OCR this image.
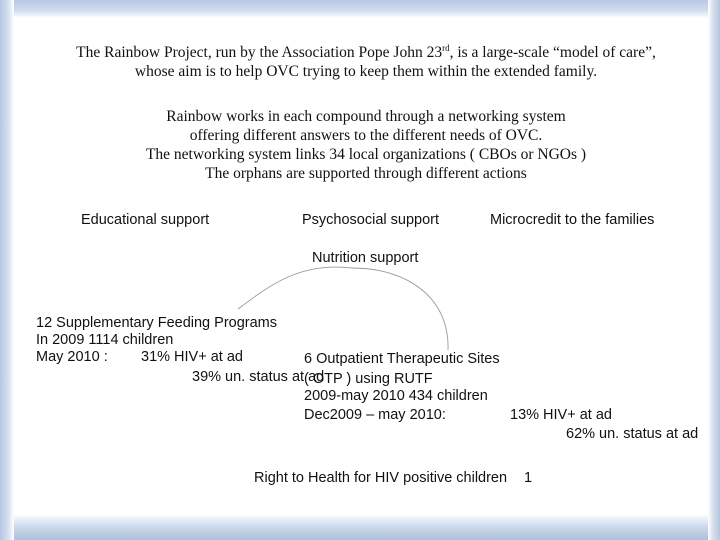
The Rainbow Project, run by the Association Pope John 23rd, is a large-scale “model of care”,
whose aim is to help OVC trying to keep them within the extended family.
Rainbow works in each compound through a networking system
offering different answers to the different needs of OVC.
The networking system links 34 local organizations ( CBOs or NGOs )
The orphans are supported through different actions
Educational support	Psychosocial support	Microcredit to the families
Nutrition support
12 Supplementary Feeding Programs
In 2009 1114 children
May 2010 : 31% HIV+ at ad
39% un. status at ad
6 Outpatient Therapeutic Sites
( OTP ) using RUTF
2009-may 2010 434 children
Dec2009 – may 2010:	13% HIV+ at ad
62% un. status at ad
Right to Health for HIV positive children 1
